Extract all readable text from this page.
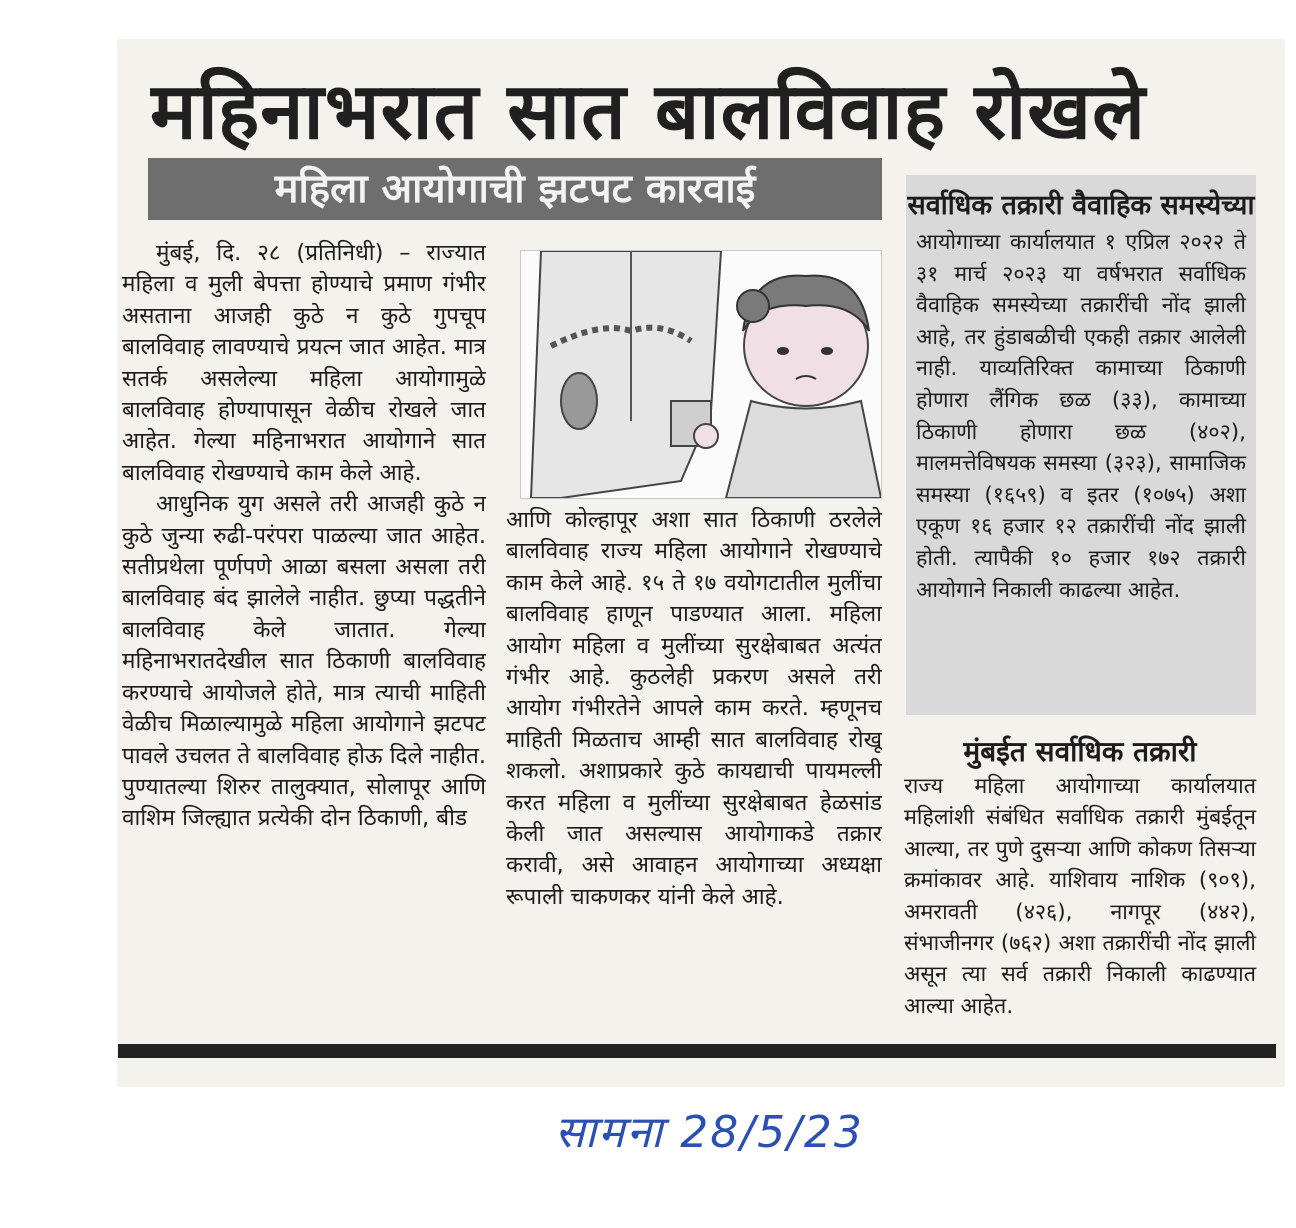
महिनाभरात सात बालविवाह रोखले
महिला आयोगाची झटपट कारवाई

मुंबई, दि. २८ (प्रतिनिधी) – राज्यात महिला व मुली बेपत्ता होण्याचे प्रमाण गंभीर असताना आजही कुठे न कुठे गुपचूप बालविवाह लावण्याचे प्रयत्न जात आहेत. मात्र सतर्क असलेल्या महिला आयोगामुळे बालविवाह होण्यापासून वेळीच रोखले जात आहेत. गेल्या महिनाभरात आयोगाने सात बालविवाह रोखण्याचे काम केले आहे.

आधुनिक युग असले तरी आजही कुठे न कुठे जुन्या रुढी-परंपरा पाळल्या जात आहेत. सतीप्रथेला पूर्णपणे आळा बसला असला तरी बालविवाह बंद झालेले नाहीत. छुप्या पद्धतीने बालविवाह केले जातात. गेल्या महिनाभरातदेखील सात ठिकाणी बालविवाह करण्याचे आयोजले होते, मात्र त्याची माहिती वेळीच मिळाल्यामुळे महिला आयोगाने झटपट पावले उचलत ते बालविवाह होऊ दिले नाहीत. पुण्यातल्या शिरुर तालुक्यात, सोलापूर आणि वाशिम जिल्ह्यात प्रत्येकी दोन ठिकाणी, बीड

आणि कोल्हापूर अशा सात ठिकाणी ठरलेले बालविवाह राज्य महिला आयोगाने रोखण्याचे काम केले आहे. १५ ते १७ वयोगटातील मुलींचा बालविवाह हाणून पाडण्यात आला. महिला आयोग महिला व मुलींच्या सुरक्षेबाबत अत्यंत गंभीर आहे. कुठलेही प्रकरण असले तरी आयोग गंभीरतेने आपले काम करते. म्हणूनच माहिती मिळताच आम्ही सात बालविवाह रोखू शकलो. अशाप्रकारे कुठे कायद्याची पायमल्ली करत महिला व मुलींच्या सुरक्षेबाबत हेळसांड केली जात असल्यास आयोगाकडे तक्रार करावी, असे आवाहन आयोगाच्या अध्यक्षा रूपाली चाकणकर यांनी केले आहे.

सर्वाधिक तक्रारी वैवाहिक समस्येच्या
आयोगाच्या कार्यालयात १ एप्रिल २०२२ ते ३१ मार्च २०२३ या वर्षभरात सर्वाधिक वैवाहिक समस्येच्या तक्रारींची नोंद झाली आहे, तर हुंडाबळीची एकही तक्रार आलेली नाही. याव्यतिरिक्त कामाच्या ठिकाणी होणारा लैंगिक छळ (३३), कामाच्या ठिकाणी होणारा छळ (४०२), मालमत्तेविषयक समस्या (३२३), सामाजिक समस्या (१६५९) व इतर (१०७५) अशा एकूण १६ हजार १२ तक्रारींची नोंद झाली होती. त्यापैकी १० हजार १७२ तक्रारी आयोगाने निकाली काढल्या आहेत.
मुंबईत सर्वाधिक तक्रारी
राज्य महिला आयोगाच्या कार्यालयात महिलांशी संबंधित सर्वाधिक तक्रारी मुंबईतून आल्या, तर पुणे दुसऱ्या आणि कोकण तिसऱ्या क्रमांकावर आहे. याशिवाय नाशिक (९०९), अमरावती (४२६), नागपूर (४४२), संभाजीनगर (७६२) अशा तक्रारींची नोंद झाली असून त्या सर्व तक्रारी निकाली काढण्यात आल्या आहेत.
सामना 28/5/23
